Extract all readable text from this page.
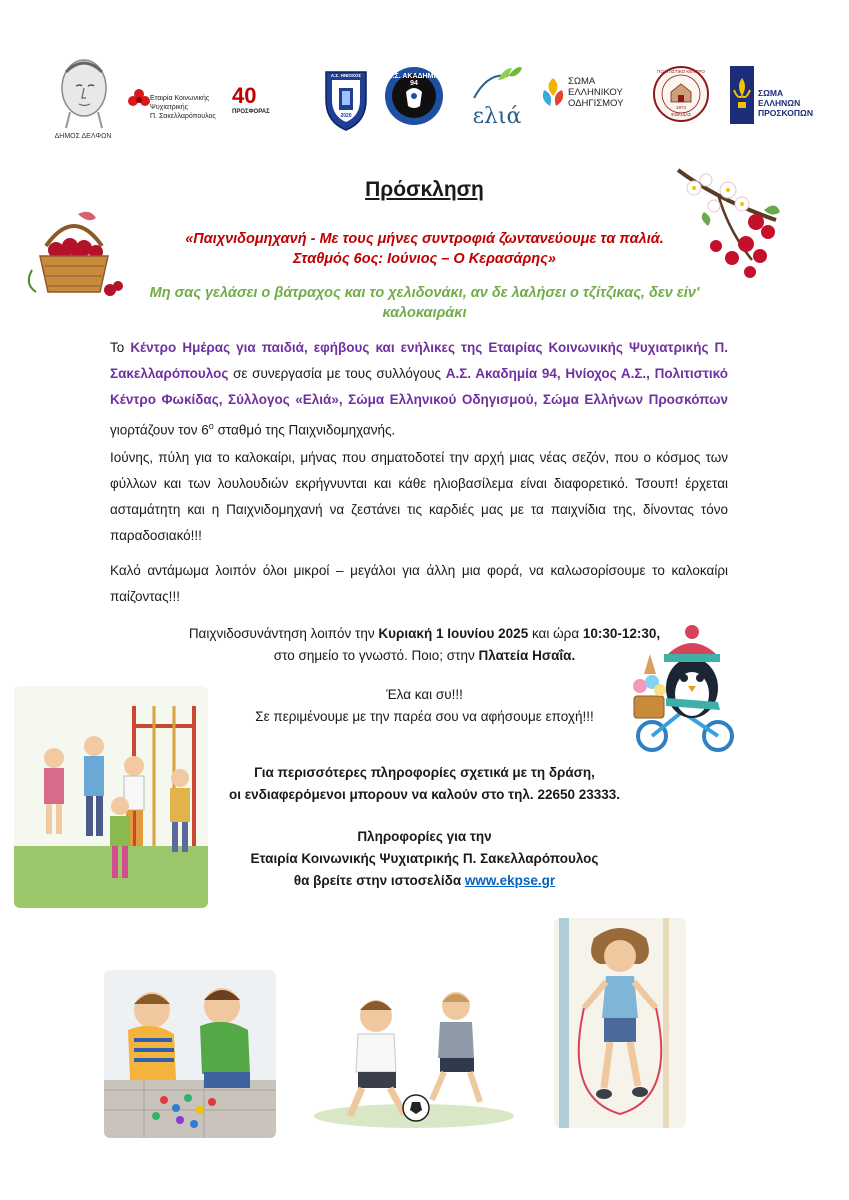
ΔΗΜΟΣ ΔΕΛΦΩΝ
Εταιρία Κοινωνικής Ψυχιατρικής
Π. Σακελλαρόπουλος
40
ΠΡΟΣΦΟΡΑΣ
Α.Σ. ΗΝΙΟΧΟΣ
2020
Α.Σ. ΑΚΑΔΗΜΙΑ 94
ελιά
ΣΩΜΑ
ΕΛΛΗΝΙΚΟΥ
ΟΔΗΓΙΣΜΟΥ
ΠΟΛΙΤΙΣΤΙΚΟ ΚΕΝΤΡΟ
1974
ΦΩΚΙΔΑΣ
ΣΩΜΑ
ΕΛΛΗΝΩΝ
ΠΡΟΣΚΟΠΩΝ
Πρόσκληση
«Παιχνιδομηχανή - Με τους μήνες συντροφιά ζωντανεύουμε τα παλιά.
Σταθμός 6ος: Ιούνιος – Ο Κερασάρης»
Μη σας γελάσει ο βάτραχος και το χελιδονάκι, αν δε λαλήσει ο τζίτζικας, δεν είν'
καλοκαιράκι
Το Κέντρο Ημέρας για παιδιά, εφήβους και ενήλικες της Εταιρίας Κοινωνικής Ψυχιατρικής Π. Σακελλαρόπουλος σε συνεργασία με τους συλλόγους Α.Σ. Ακαδημία 94, Ηνίοχος Α.Σ., Πολιτιστικό Κέντρο Φωκίδας, Σύλλογος «Ελιά», Σώμα Ελληνικού Οδηγισμού, Σώμα Ελλήνων Προσκόπων γιορτάζουν τον $6^o$ σταθμό της Παιχνιδομηχανής.
Ιούνης, πύλη για το καλοκαίρι, μήνας που σηματοδοτεί την αρχή μιας νέας σεζόν, που ο κόσμος των φύλλων και των λουλουδιών εκρήγνυνται και κάθε ηλιοβασίλεμα είναι διαφορετικό. Τσουπ! έρχεται ασταμάτητη και η Παιχνιδομηχανή να ζεστάνει τις καρδιές μας με τα παιχνίδια της, δίνοντας τόνο παραδοσιακό!!!
Καλό αντάμωμα λοιπόν όλοι μικροί – μεγάλοι για άλλη μια φορά, να καλωσορίσουμε το καλοκαίρι παίζοντας!!!
Παιχνιδοσυνάντηση λοιπόν την Κυριακή 1 Ιουνίου 2025 και ώρα 10:30-12:30,
στο σημείο το γνωστό. Ποιο; στην Πλατεία Ησαΐα.
Έλα και συ!!!
Σε περιμένουμε με την παρέα σου να αφήσουμε εποχή!!!
Για περισσότερες πληροφορίες σχετικά με τη δράση,
οι ενδιαφερόμενοι μπορουν να καλούν στο τηλ. 22650 23333.
Πληροφορίες για την
Εταιρία Κοινωνικής Ψυχιατρικής Π. Σακελλαρόπουλος
θα βρείτε στην ιστοσελίδα www.ekpse.gr
